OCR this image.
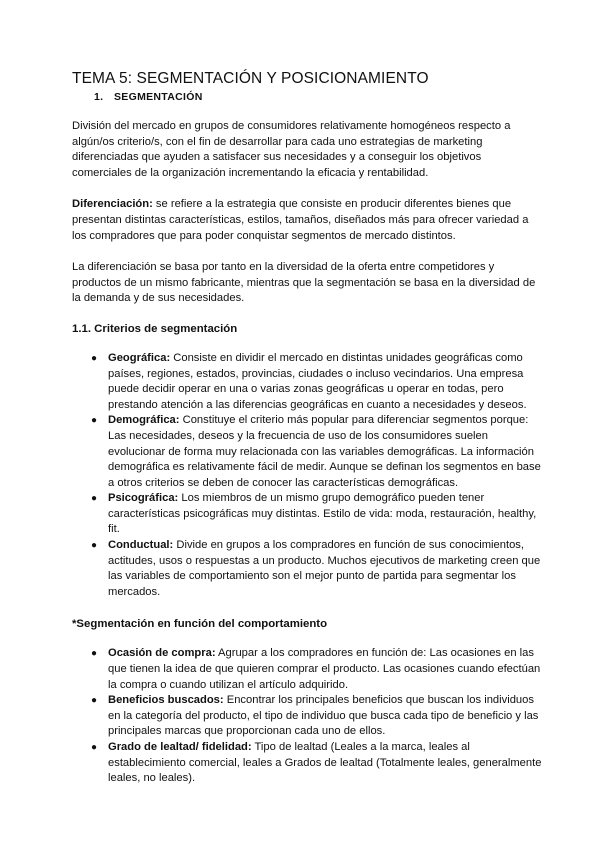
TEMA 5: SEGMENTACIÓN Y POSICIONAMIENTO
1. SEGMENTACIÓN

División del mercado en grupos de consumidores relativamente homogéneos respecto a algún/os criterio/s, con el fin de desarrollar para cada uno estrategias de marketing diferenciadas que ayuden a satisfacer sus necesidades y a conseguir los objetivos comerciales de la organización incrementando la eficacia y rentabilidad.

Diferenciación: se refiere a la estrategia que consiste en producir diferentes bienes que presentan distintas características, estilos, tamaños, diseñados más para ofrecer variedad a los compradores que para poder conquistar segmentos de mercado distintos.

La diferenciación se basa por tanto en la diversidad de la oferta entre competidores y productos de un mismo fabricante, mientras que la segmentación se basa en la diversidad de la demanda y de sus necesidades.

1.1. Criterios de segmentación
● Geográfica: Consiste en dividir el mercado en distintas unidades geográficas como países, regiones, estados, provincias, ciudades o incluso vecindarios. Una empresa puede decidir operar en una o varias zonas geográficas u operar en todas, pero prestando atención a las diferencias geográficas en cuanto a necesidades y deseos.
● Demográfica: Constituye el criterio más popular para diferenciar segmentos porque: Las necesidades, deseos y la frecuencia de uso de los consumidores suelen evolucionar de forma muy relacionada con las variables demográficas. La información demográfica es relativamente fácil de medir. Aunque se definan los segmentos en base a otros criterios se deben de conocer las características demográficas.
● Psicográfica: Los miembros de un mismo grupo demográfico pueden tener características psicográficas muy distintas. Estilo de vida: moda, restauración, healthy, fit.
● Conductual: Divide en grupos a los compradores en función de sus conocimientos, actitudes, usos o respuestas a un producto. Muchos ejecutivos de marketing creen que las variables de comportamiento son el mejor punto de partida para segmentar los mercados.
*Segmentación en función del comportamiento
● Ocasión de compra: Agrupar a los compradores en función de: Las ocasiones en las que tienen la idea de que quieren comprar el producto. Las ocasiones cuando efectúan la compra o cuando utilizan el artículo adquirido.
● Beneficios buscados: Encontrar los principales beneficios que buscan los individuos en la categoría del producto, el tipo de individuo que busca cada tipo de beneficio y las principales marcas que proporcionan cada uno de ellos.
● Grado de lealtad/ fidelidad: Tipo de lealtad (Leales a la marca, leales al establecimiento comercial, leales a Grados de lealtad (Totalmente leales, generalmente leales, no leales).
